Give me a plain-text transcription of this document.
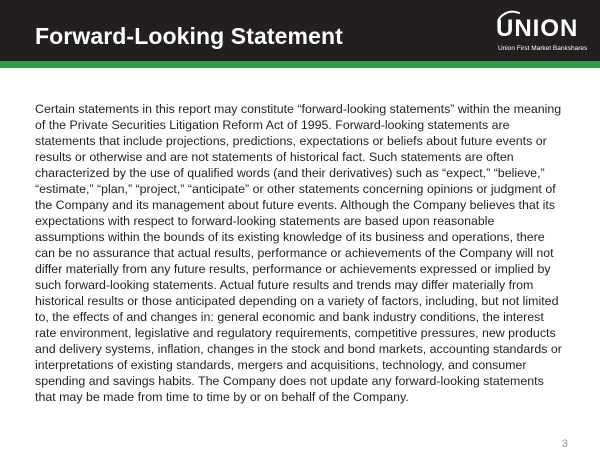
Forward-Looking Statement	UNION
Union First Market Bankshares

Certain statements in this report may constitute “forward-looking statements” within the meaning of the Private Securities Litigation Reform Act of 1995. Forward-looking statements are statements that include projections, predictions, expectations or beliefs about future events or results or otherwise and are not statements of historical fact. Such statements are often characterized by the use of qualified words (and their derivatives) such as “expect,” “believe,” “estimate,” “plan,” “project,” “anticipate” or other statements concerning opinions or judgment of the Company and its management about future events. Although the Company believes that its expectations with respect to forward-looking statements are based upon reasonable assumptions within the bounds of its existing knowledge of its business and operations, there can be no assurance that actual results, performance or achievements of the Company will not differ materially from any future results, performance or achievements expressed or implied by such forward-looking statements. Actual future results and trends may differ materially from historical results or those anticipated depending on a variety of factors, including, but not limited to, the effects of and changes in: general economic and bank industry conditions, the interest rate environment, legislative and regulatory requirements, competitive pressures, new products and delivery systems, inflation, changes in the stock and bond markets, accounting standards or interpretations of existing standards, mergers and acquisitions, technology, and consumer spending and savings habits. The Company does not update any forward-looking statements that may be made from time to time by or on behalf of the Company.

3
